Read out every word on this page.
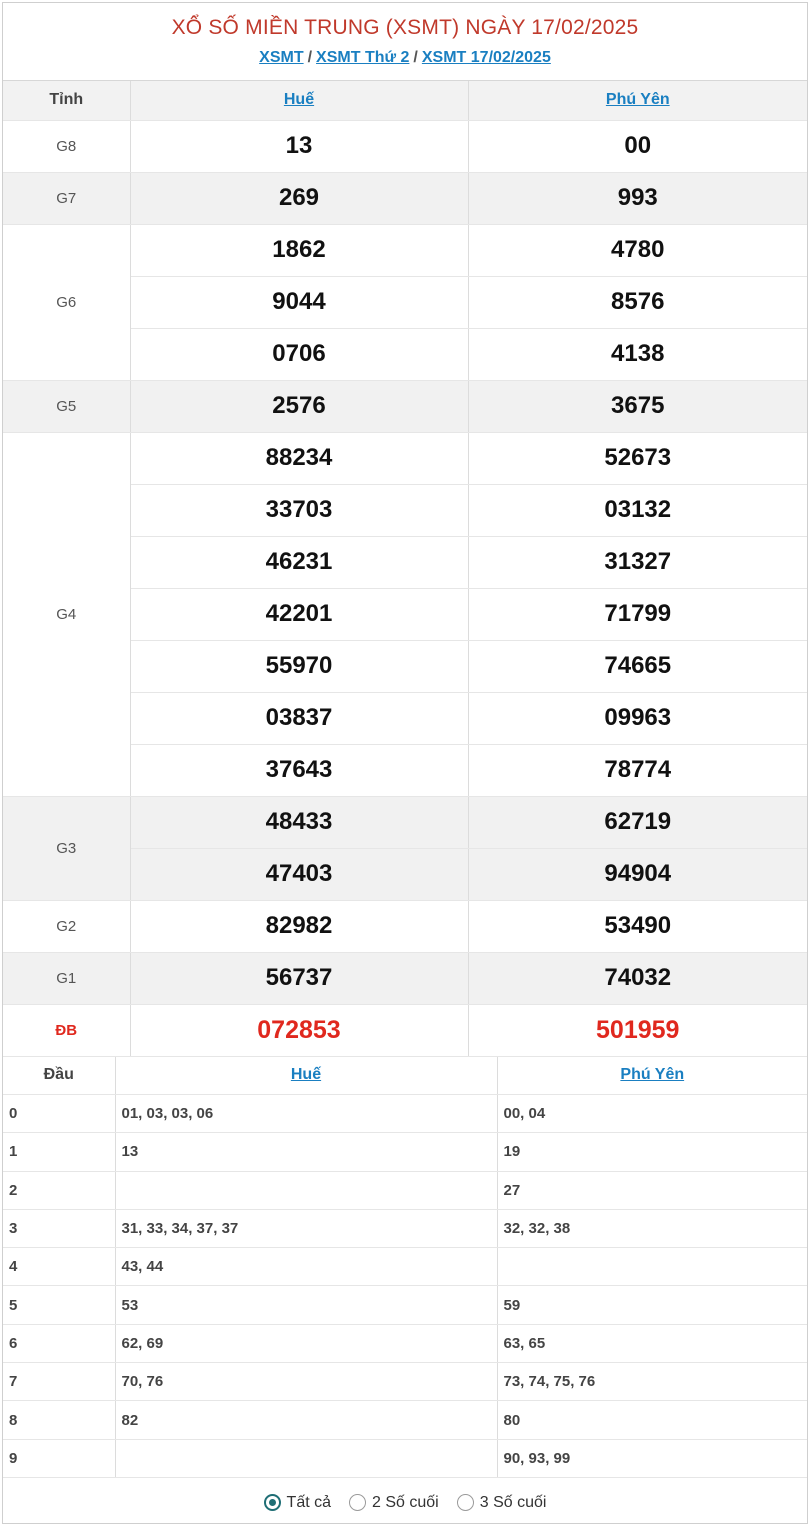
XỔ SỐ MIỀN TRUNG (XSMT) NGÀY 17/02/2025
XSMT / XSMT Thứ 2 / XSMT 17/02/2025
Tỉnh	Huế	Phú Yên
G8	13	00
G7	269	993
G6	1862	4780
	9044	8576
	0706	4138
G5	2576	3675
G4	88234	52673
	33703	03132
	46231	31327
	42201	71799
	55970	74665
	03837	09963
	37643	78774
G3	48433	62719
	47403	94904
G2	82982	53490
G1	56737	74032
ĐB	072853	501959
Đầu	Huế	Phú Yên
0	01, 03, 03, 06	00, 04
1	13	19
2		27
3	31, 33, 34, 37, 37	32, 32, 38
4	43, 44	
5	53	59
6	62, 69	63, 65
7	70, 76	73, 74, 75, 76
8	82	80
9		90, 93, 99
Tất cả	2 Số cuối	3 Số cuối
